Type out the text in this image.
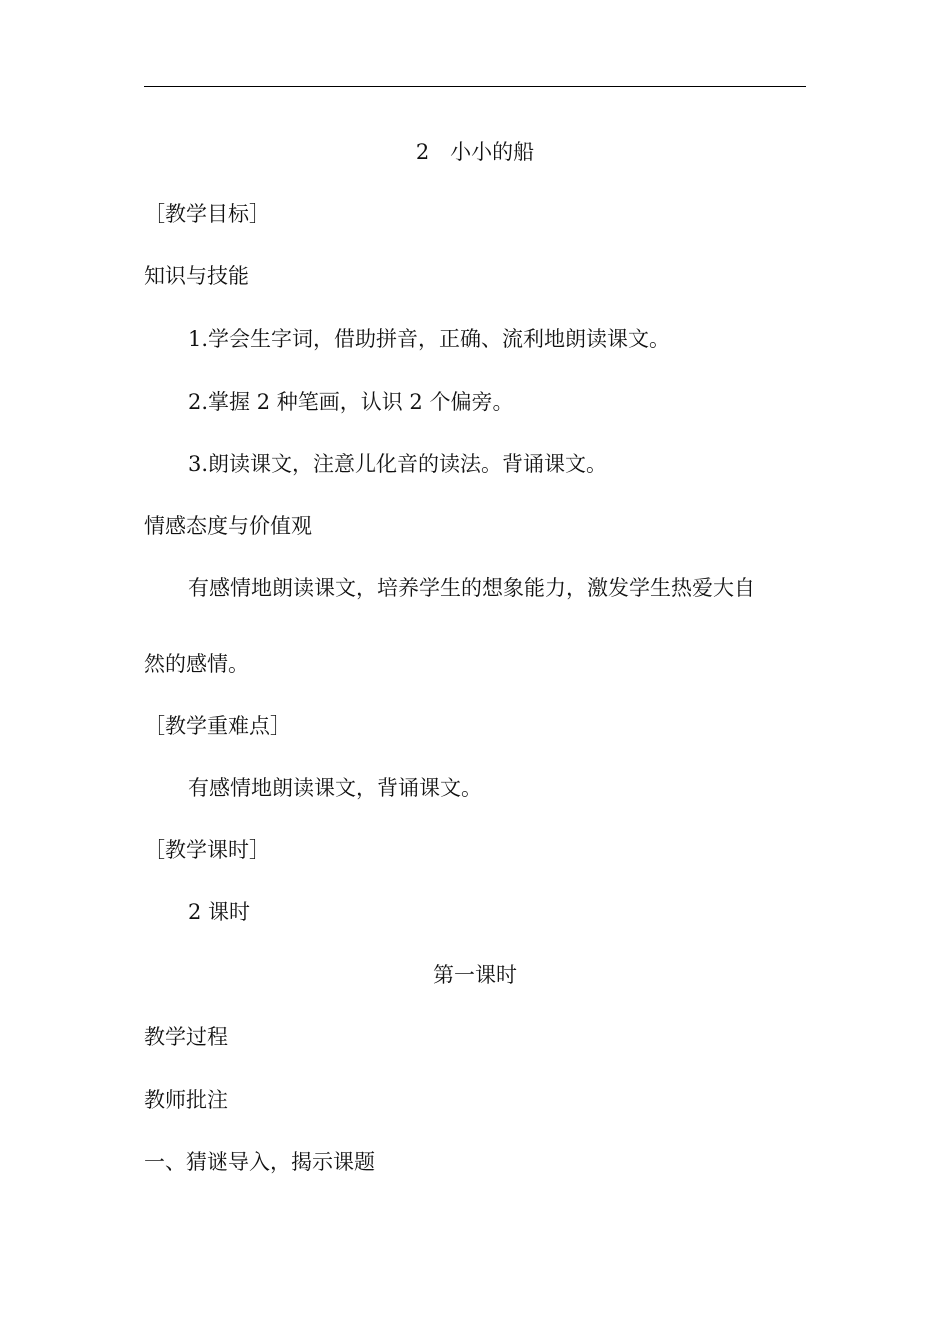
2　小小的船
［教学目标］
知识与技能
1.学会生字词，借助拼音，正确、流利地朗读课文。
2.掌握 2 种笔画，认识 2 个偏旁。
3.朗读课文，注意儿化音的读法。背诵课文。
情感态度与价值观
有感情地朗读课文，培养学生的想象能力，激发学生热爱大自
然的感情。
［教学重难点］
有感情地朗读课文，背诵课文。
［教学课时］
2 课时
第一课时
教学过程
教师批注
一、猜谜导入，揭示课题
